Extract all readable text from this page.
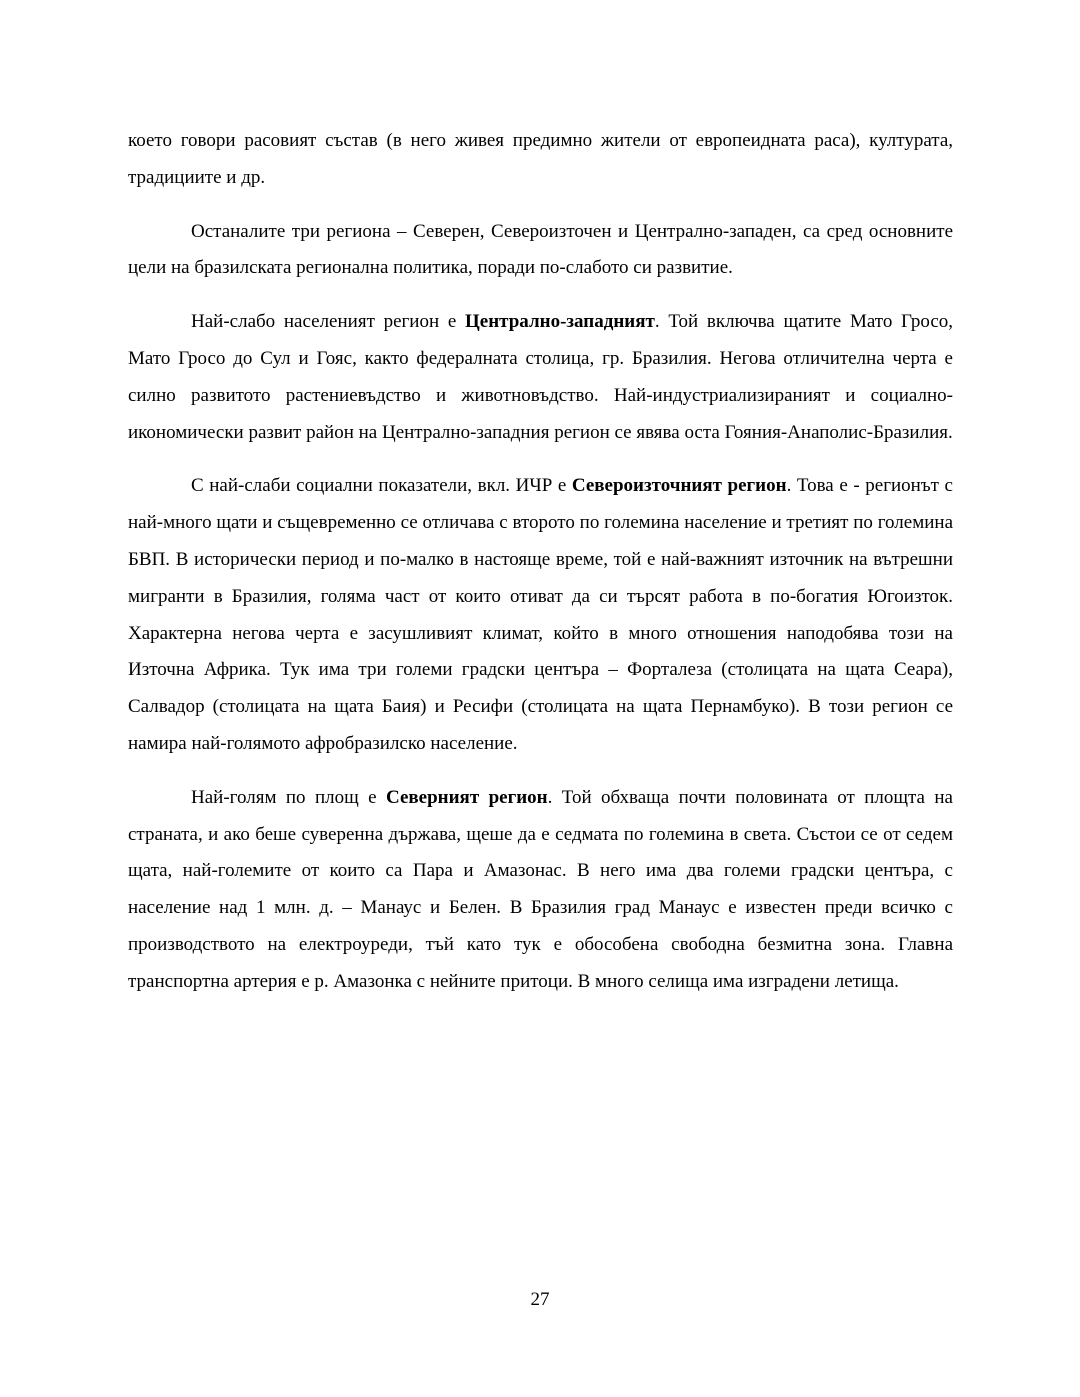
което говори расовият състав (в него живея предимно жители от европеидната раса), културата, традициите и др.

Останалите три региона – Северен, Североизточен и Централно-западен, са сред основните цели на бразилската регионална политика, поради по-слабото си развитие.

Най-слабо населеният регион е Централно-западният. Той включва щатите Мато Гросо, Мато Гросо до Сул и Гояс, както федералната столица, гр. Бразилия. Негова отличителна черта е силно развитото растениевъдство и животновъдство. Най-индустриализираният и социално-икономически развит район на Централно-западния регион се явява оста Гояния-Анаполис-Бразилия.

С най-слаби социални показатели, вкл. ИЧР е Североизточният регион. Това е - регионът с най-много щати и същевременно се отличава с второто по големина население и третият по големина БВП. В исторически период и по-малко в настояще време, той е най-важният източник на вътрешни мигранти в Бразилия, голяма част от които отиват да си търсят работа в по-богатия Югоизток. Характерна негова черта е засушливият климат, който в много отношения наподобява този на Източна Африка. Тук има три големи градски центъра – Форталеза (столицата на щата Сеара), Салвадор (столицата на щата Баия) и Ресифи (столицата на щата Пернамбуко). В този регион се намира най-голямото афробразилско население.

Най-голям по площ е Северният регион. Той обхваща почти половината от площта на страната, и ако беше суверенна държава, щеше да е седмата по големина в света. Състои се от седем щата, най-големите от които са Пара и Амазонас. В него има два големи градски центъра, с население над 1 млн. д. – Манаус и Белен. В Бразилия град Манаус е известен преди всичко с производството на електроуреди, тъй като тук е обособена свободна безмитна зона. Главна транспортна артерия е р. Амазонка с нейните притоци. В много селища има изградени летища.

27
